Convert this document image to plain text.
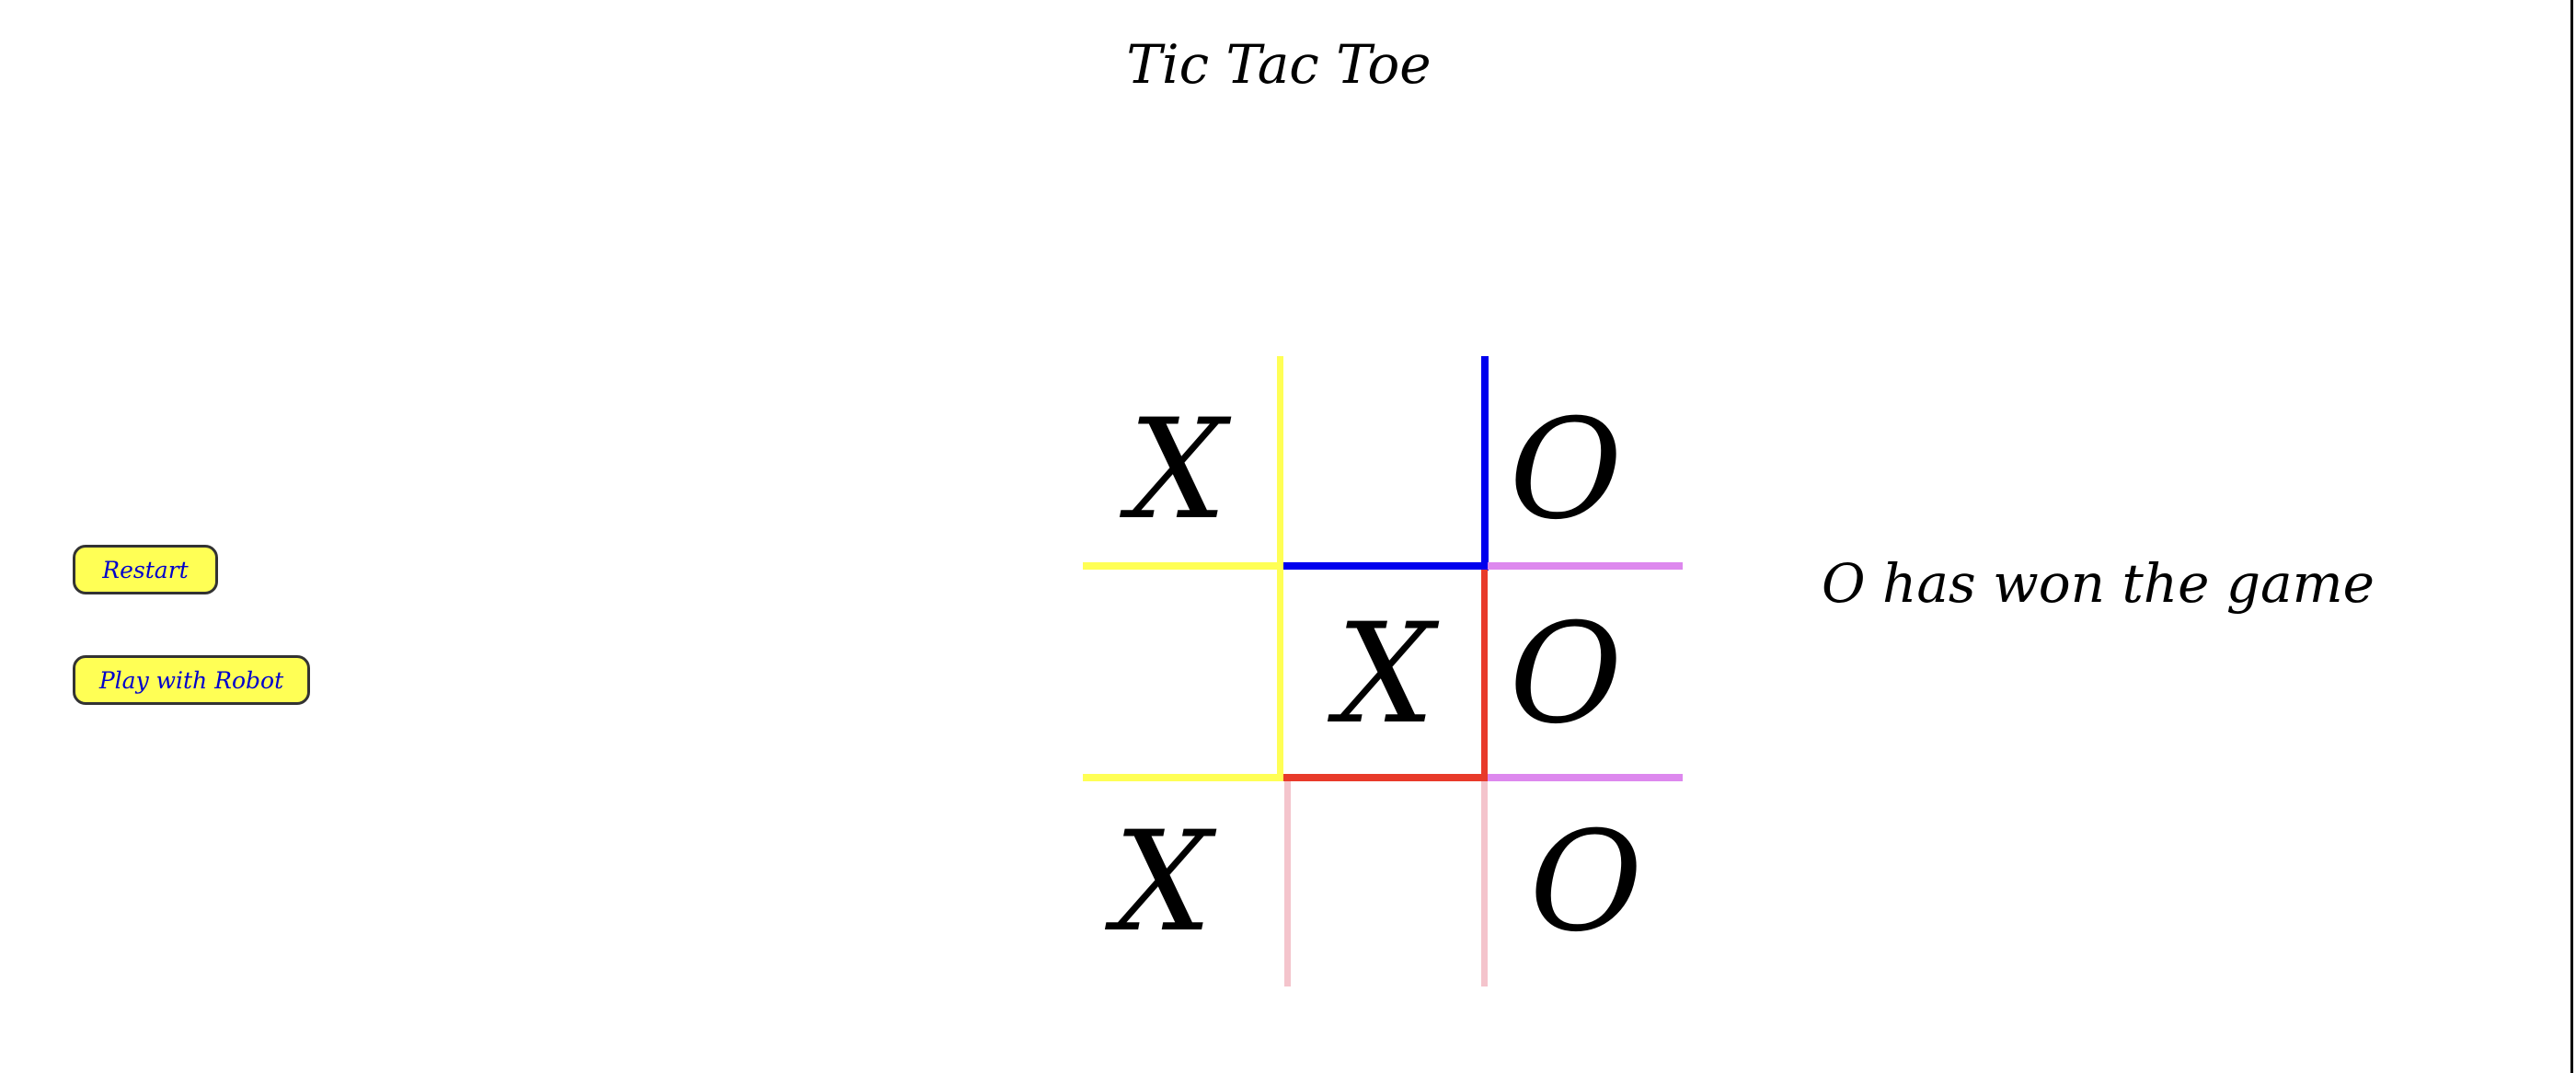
Tic Tac Toe
Restart
Play with Robot
X O
X O
X O
O has won the game
